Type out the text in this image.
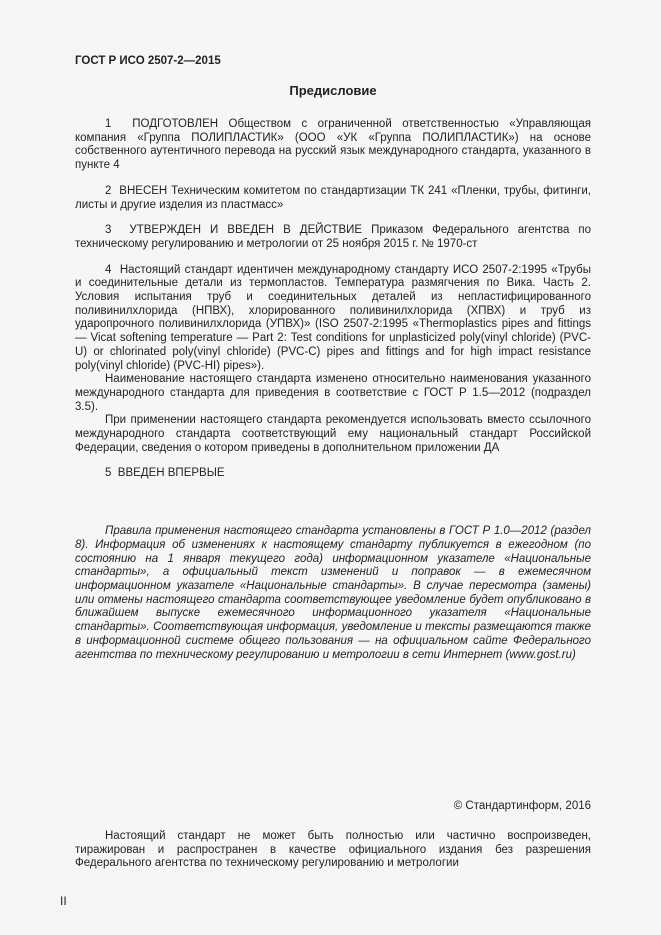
ГОСТ Р ИСО 2507-2—2015
Предисловие

1  ПОДГОТОВЛЕН Обществом с ограниченной ответственностью «Управляющая компания «Группа ПОЛИПЛАСТИК» (ООО «УК «Группа ПОЛИПЛАСТИК») на основе собственного аутентичного перевода на русский язык международного стандарта, указанного в пункте 4

2  ВНЕСЕН Техническим комитетом по стандартизации ТК 241 «Пленки, трубы, фитинги, листы и другие изделия из пластмасс»

3  УТВЕРЖДЕН И ВВЕДЕН В ДЕЙСТВИЕ Приказом Федерального агентства по техническому регулированию и метрологии от 25 ноября 2015 г. № 1970-ст

4  Настоящий стандарт идентичен международному стандарту ИСО 2507-2:1995 «Трубы и соединительные детали из термопластов. Температура размягчения по Вика. Часть 2. Условия испытания труб и соединительных деталей из непластифицированного поливинилхлорида (НПВХ), хлорированного поливинилхлорида (ХПВХ) и труб из ударопрочного поливинилхлорида (УПВХ)» (ISO 2507-2:1995 «Thermoplastics pipes and fittings — Vicat softening temperature — Part 2: Test conditions for unplasticized poly(vinyl chloride) (PVC-U) or chlorinated poly(vinyl chloride) (PVC-C) pipes and fittings and for high impact resistance poly(vinyl chloride) (PVC-HI) pipes»).

Наименование настоящего стандарта изменено относительно наименования указанного международного стандарта для приведения в соответствие с ГОСТ Р 1.5—2012 (подраздел 3.5).

При применении настоящего стандарта рекомендуется использовать вместо ссылочного международного стандарта соответствующий ему национальный стандарт Российской Федерации, сведения о котором приведены в дополнительном приложении ДА

5  ВВЕДЕН ВПЕРВЫЕ

Правила применения настоящего стандарта установлены в ГОСТ Р 1.0—2012 (раздел 8). Информация об изменениях к настоящему стандарту публикуется в ежегодном (по состоянию на 1 января текущего года) информационном указателе «Национальные стандарты», а официальный текст изменений и поправок — в ежемесячном информационном указателе «Национальные стандарты». В случае пересмотра (замены) или отмены настоящего стандарта соответствующее уведомление будет опубликовано в ближайшем выпуске ежемесячного информационного указателя «Национальные стандарты». Соответствующая информация, уведомление и тексты размещаются также в информационной системе общего пользования — на официальном сайте Федерального агентства по техническому регулированию и метрологии в сети Интернет (www.gost.ru)

© Стандартинформ, 2016

Настоящий стандарт не может быть полностью или частично воспроизведен, тиражирован и распространен в качестве официального издания без разрешения Федерального агентства по техническому регулированию и метрологии

II
